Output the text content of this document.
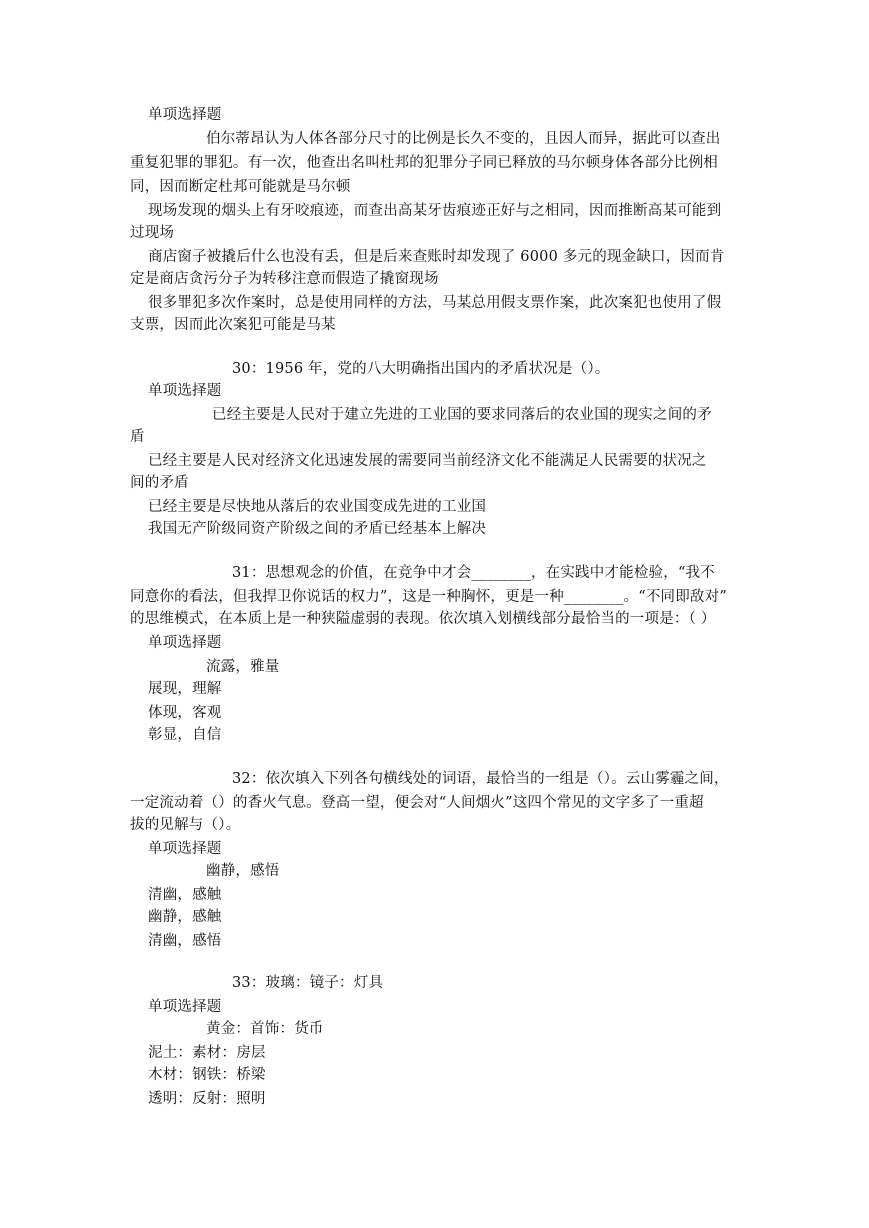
单项选择题
伯尔蒂昂认为人体各部分尺寸的比例是长久不变的，且因人而异，据此可以查出
重复犯罪的罪犯。有一次，他查出名叫杜邦的犯罪分子同已释放的马尔顿身体各部分比例相
同，因而断定杜邦可能就是马尔顿
现场发现的烟头上有牙咬痕迹，而查出高某牙齿痕迹正好与之相同，因而推断高某可能到
过现场
商店窗子被撬后什么也没有丢，但是后来查账时却发现了 6000 多元的现金缺口，因而肯
定是商店贪污分子为转移注意而假造了撬窗现场
很多罪犯多次作案时，总是使用同样的方法，马某总用假支票作案，此次案犯也使用了假
支票，因而此次案犯可能是马某
30：1956 年，党的八大明确指出国内的矛盾状况是（）。
单项选择题
已经主要是人民对于建立先进的工业国的要求同落后的农业国的现实之间的矛
盾
已经主要是人民对经济文化迅速发展的需要同当前经济文化不能满足人民需要的状况之
间的矛盾
已经主要是尽快地从落后的农业国变成先进的工业国
我国无产阶级同资产阶级之间的矛盾已经基本上解决
31：思想观念的价值，在竞争中才会________，在实践中才能检验，“我不
同意你的看法，但我捍卫你说话的权力”，这是一种胸怀，更是一种________。“不同即敌对”
的思维模式，在本质上是一种狭隘虚弱的表现。依次填入划横线部分最恰当的一项是：（ ）
单项选择题
流露，雅量
展现，理解
体现，客观
彰显，自信
32：依次填入下列各句横线处的词语，最恰当的一组是（）。云山雾霾之间，
一定流动着（）的香火气息。登高一望，便会对“人间烟火”这四个常见的文字多了一重超
拔的见解与（）。
单项选择题
幽静，感悟
清幽，感触
幽静，感触
清幽，感悟
33：玻璃：镜子：灯具
单项选择题
黄金：首饰：货币
泥土：素材：房层
木材：钢铁：桥梁
透明：反射：照明
